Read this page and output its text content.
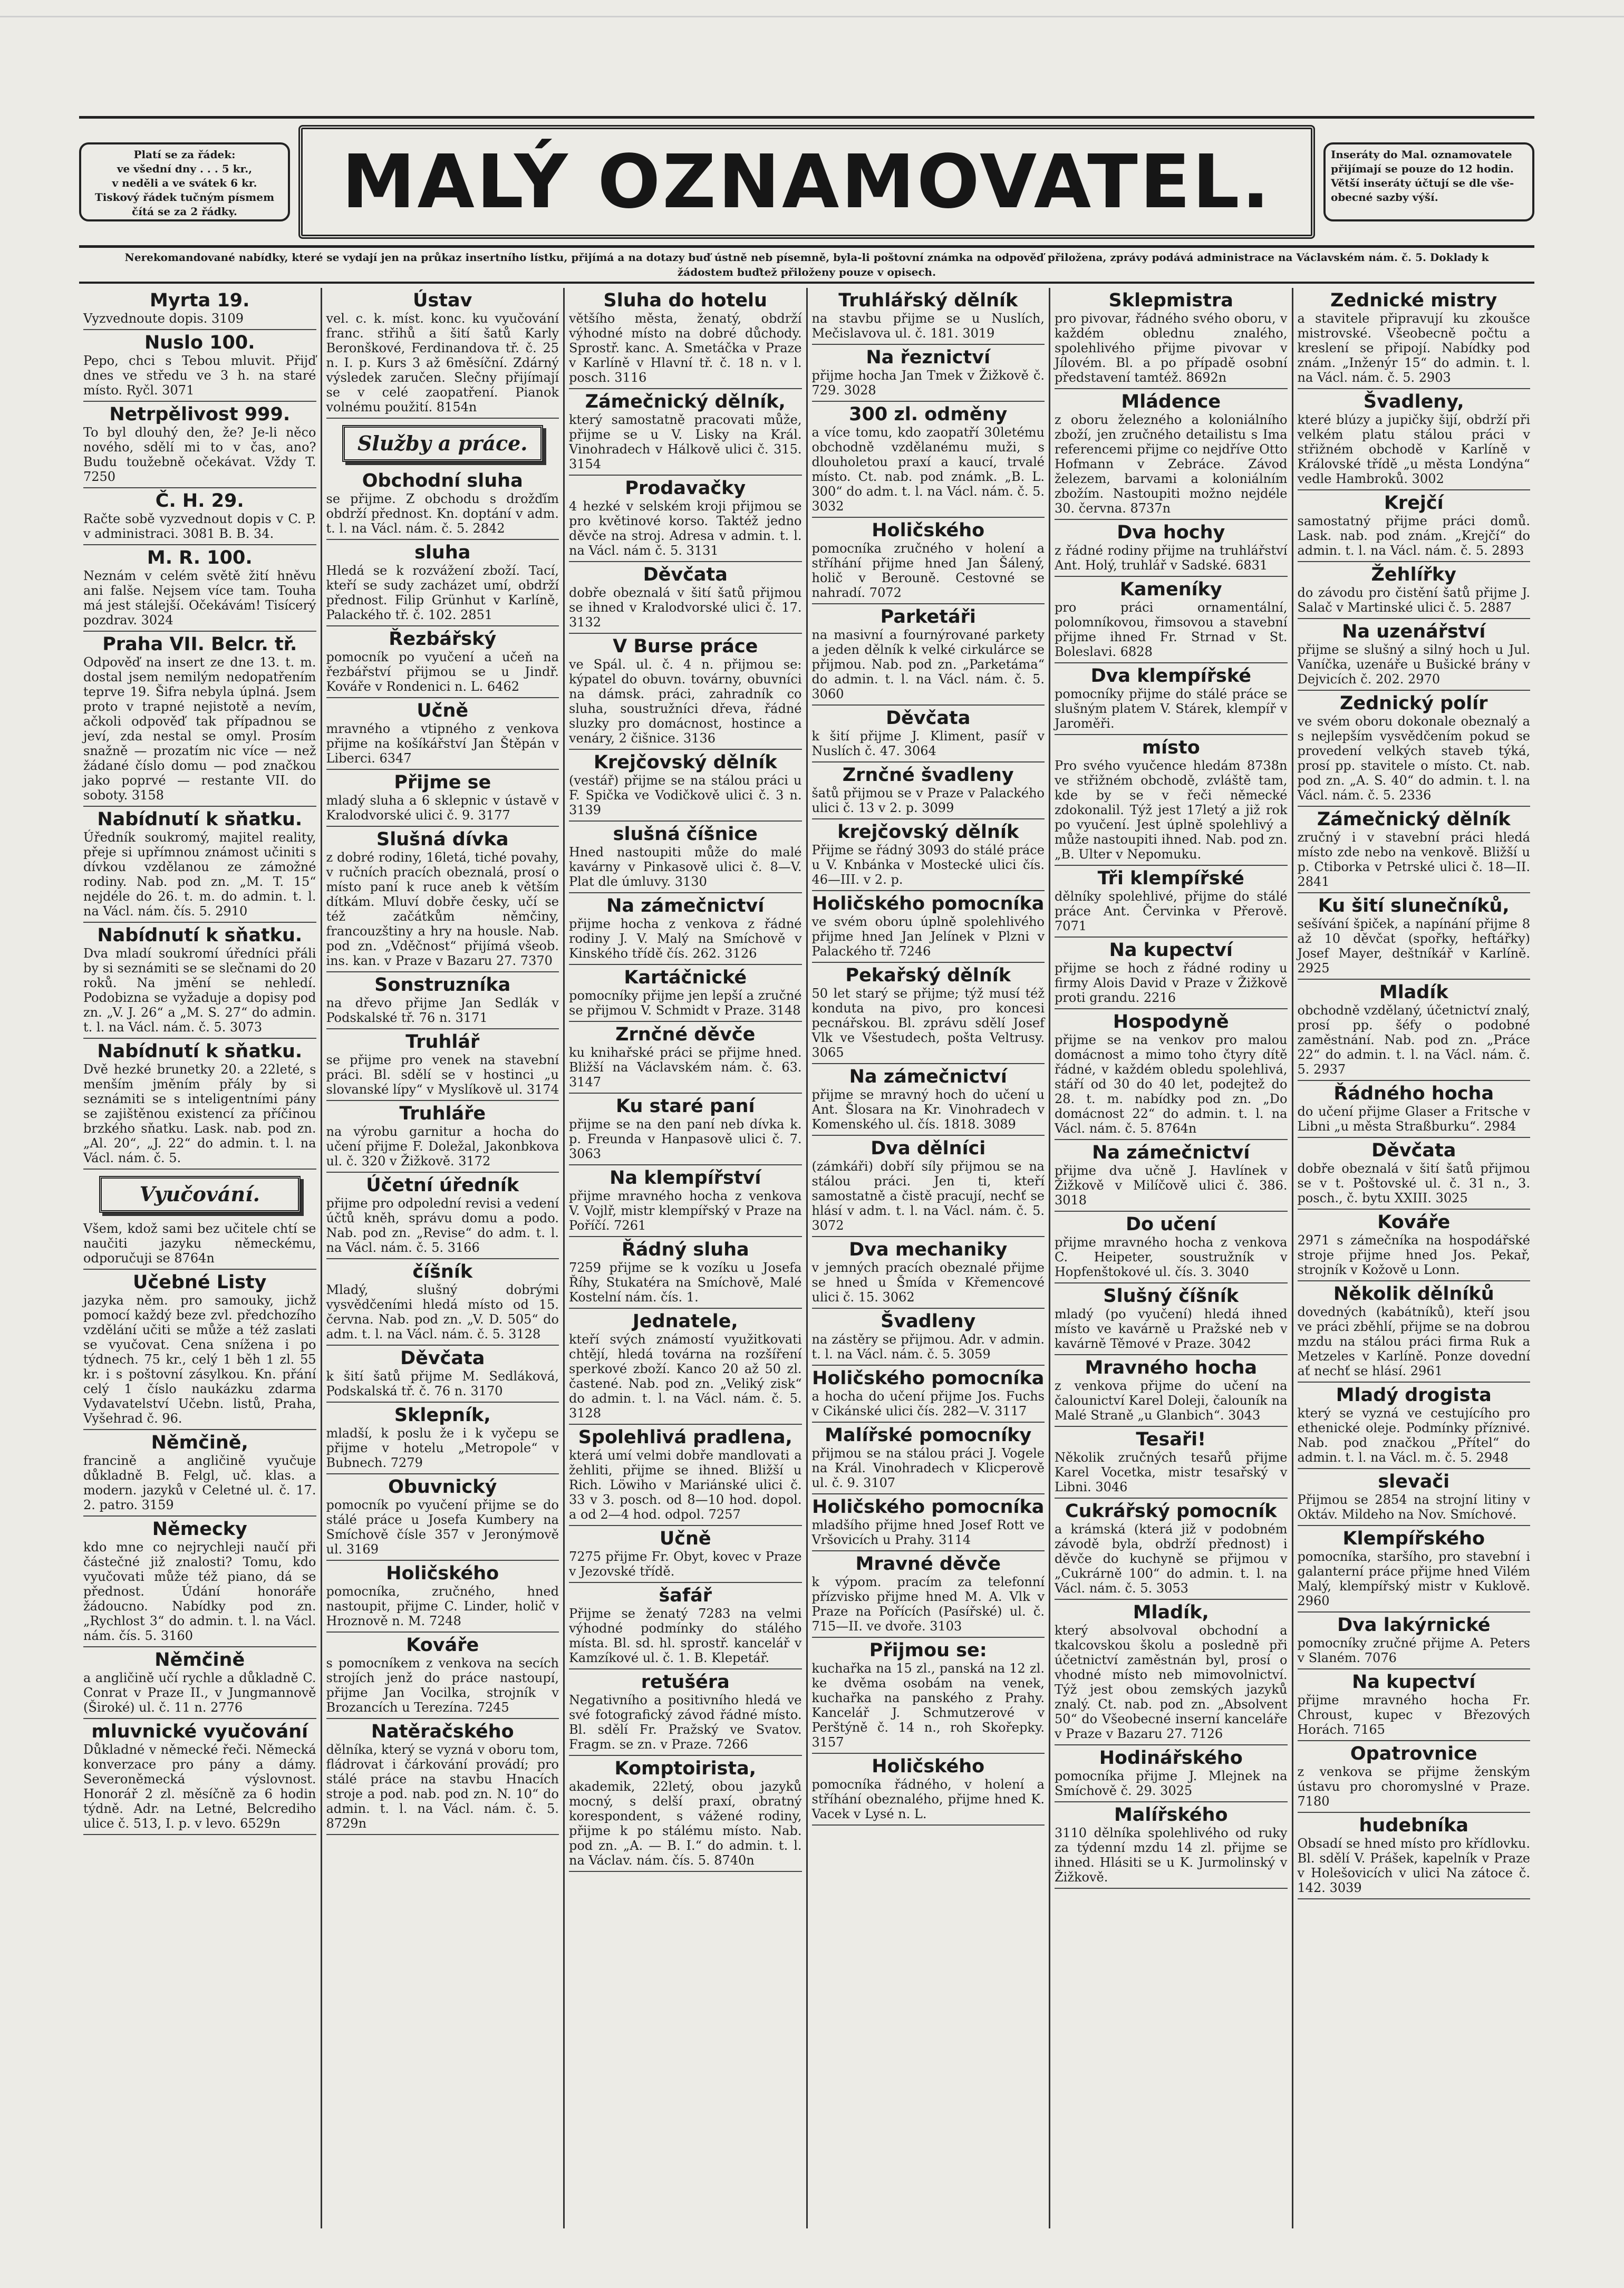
Platí se za řádek:
ve všední dny . . . 5 kr.,
v neděli a ve svátek 6 kr.
Tiskový řádek tučným písmem
čítá se za 2 řádky.	MALÝ OZNAMOVATEL.	Inseráty do Mal. oznamovatele
přijímají se pouze do 12 hodin.
Větší inseráty účtují se dle vše-
obecné sazby výší.
Nerekomandované nabídky, které se vydají jen na průkaz insertního lístku, přijímá a na dotazy buď ústně neb písemně, byla-li poštovní známka na odpověď přiložena, zprávy podává administrace na Václavském nám. č. 5. Doklady k žádostem buďtež přiloženy pouze v opisech.
Myrta 19.

Vyzvednoute dopis. 3109

Nuslo 100.

Pepo, chci s Tebou mluvit. Přijď dnes ve středu ve 3 h. na staré místo. Ryčl. 3071

Netrpělivost 999.

To byl dlouhý den, že? Je-li něco nového, sdělí mi to v čas, ano? Budu toužebně očekávat. Vždy T. 7250

Č. H. 29.

Račte sobě vyzvednout dopis v C. P. v administraci. 3081 B. B. 34.

M. R. 100.

Neznám v celém světě žití hněvu ani falše. Nejsem více tam. Touha má jest stálejší. Očekávám! Tisícerý pozdrav. 3024

Praha VII. Belcr. tř.

Odpověď na insert ze dne 13. t. m. dostal jsem nemilým nedopatřením teprve 19. Šifra nebyla úplná. Jsem proto v trapné nejistotě a nevím, ačkoli odpověď tak případnou se jeví, zda nestal se omyl. Prosím snažně — prozatím nic více — než žádané číslo domu — pod značkou jako poprvé — restante VII. do soboty. 3158

Nabídnutí k sňatku.

Úředník soukromý, majitel reality, přeje si upřímnou známost učiniti s dívkou vzdělanou ze zámožné rodiny. Nab. pod zn. „M. T. 15“ nejdéle do 26. t. m. do admin. t. l. na Václ. nám. čís. 5. 2910

Nabídnutí k sňatku.

Dva mladí soukromí úředníci přáli by si seznámiti se se slečnami do 20 roků. Na jmění se nehledí. Podobizna se vyžaduje a dopisy pod zn. „V. J. 26“ a „M. S. 27“ do admin. t. l. na Václ. nám. č. 5. 3073

Nabídnutí k sňatku.

Dvě hezké brunetky 20. a 22leté, s menším jměním přály by si seznámiti se s inteligentními pány se zajištěnou existencí za příčinou brzkého sňatku. Lask. nab. pod zn. „Al. 20“, „J. 22“ do admin. t. l. na Václ. nám. č. 5.

Vyučování.

Všem, kdož sami bez učitele chtí se naučiti jazyku německému, odporučuji se 8764n

Učebné Listy

jazyka něm. pro samouky, jichž pomocí každý beze zvl. předchozího vzdělání učiti se může a též zaslati se vyučovat. Cena snížena i po týdnech. 75 kr., celý 1 běh 1 zl. 55 kr. i s poštovní zásylkou. Kn. přání celý 1 číslo naukázku zdarma Vydavatelství Učebn. listů, Praha, Vyšehrad č. 96.

Němčině,

francině a angličině vyučuje důkladně B. Felgl, uč. klas. a modern. jazyků v Celetné ul. č. 17. 2. patro. 3159

Německy

kdo mne co nejrychleji naučí při částečné již znalosti? Tomu, kdo vyučovati může též piano, dá se přednost. Údání honoráře žádoucno. Nabídky pod zn. „Rychlost 3“ do admin. t. l. na Václ. nám. čís. 5. 3160

Němčině

a angličině učí rychle a důkladně C. Conrat v Praze II., v Jungmannově (Široké) ul. č. 11 n. 2776

mluvnické vyučování

Důkladné v německé řeči. Německá konverzace pro pány a dámy. Severoněmecká výslovnost. Honorář 2 zl. měsíčně za 6 hodin týdně. Adr. na Letné, Belcrediho ulice č. 513, I. p. v levo. 6529n

Ústav

vel. c. k. míst. konc. ku vyučování franc. střihů a šití šatů Karly Beronškové, Ferdinandova tř. č. 25 n. I. p. Kurs 3 až 6měsíční. Zdárný výsledek zaručen. Slečny přijímají se v celé zaopatření. Pianok volnému použití. 8154n

Služby a práce.
Obchodní sluha

se přijme. Z obchodu s drožďím obdrží přednost. Kn. doptání v adm. t. l. na Václ. nám. č. 5. 2842

sluha

Hledá se k rozvážení zboží. Tací, kteří se sudy zacházet umí, obdrží přednost. Filip Grünhut v Karlíně, Palackého tř. č. 102. 2851

Řezbářský

pomocník po vyučení a učeň na řezbářství přijmou se u Jindř. Kováře v Rondenici n. L. 6462

Učně

mravného a vtipného z venkova přijme na košíkářství Jan Štěpán v Liberci. 6347

Přijme se

mladý sluha a 6 sklepnic v ústavě v Kralodvorské ulici č. 9. 3177

Slušná dívka

z dobré rodiny, 16letá, tiché povahy, v ručních pracích obeznalá, prosí o místo paní k ruce aneb k větším dítkám. Mluví dobře česky, učí se též začátkům němčiny, francouzštiny a hry na housle. Nab. pod zn. „Vděčnost“ přijímá všeob. ins. kan. v Praze v Bazaru 27. 7370

Sonstruzníka

na dřevo přijme Jan Sedlák v Podskalské tř. 76 n. 3171

Truhlář

se přijme pro venek na stavební práci. Bl. sdělí se v hostinci „u slovanské lípy“ v Myslíkově ul. 3174

Truhláře

na výrobu garnitur a hocha do učení přijme F. Doležal, Jakonbkova ul. č. 320 v Žižkově. 3172

Účetní úředník

přijme pro odpolední revisi a vedení účtů kněh, správu domu a podo. Nab. pod zn. „Revise“ do adm. t. l. na Václ. nám. č. 5. 3166

číšník

Mladý, slušný dobrými vysvědčeními hledá místo od 15. června. Nab. pod zn. „V. D. 505“ do adm. t. l. na Václ. nám. č. 5. 3128

Děvčata

k šití šatů přijme M. Sedláková, Podskalská tř. č. 76 n. 3170

Sklepník,

mladší, k poslu že i k vyčepu se přijme v hotelu „Metropole“ v Bubnech. 7279

Obuvnický

pomocník po vyučení přijme se do stálé práce u Josefa Kumbery na Smíchově čísle 357 v Jeronýmově ul. 3169

Holičského

pomocníka, zručného, hned nastoupit, přijme C. Linder, holič v Hroznově n. M. 7248

Kováře

s pomocníkem z venkova na secích strojích jenž do práce nastoupí, přijme Jan Vocilka, strojník v Brozancích u Terezína. 7245

Natěračského

dělníka, který se vyzná v oboru tom, fládrovat i čárkování provádí; pro stálé práce na stavbu Hnacích stroje a pod. nab. pod zn. N. 10“ do admin. t. l. na Václ. nám. č. 5. 8729n

Sluha do hotelu

většího města, ženatý, obdrží výhodné místo na dobré důchody. Sprostř. kanc. A. Smetáčka v Praze v Karlíně v Hlavní tř. č. 18 n. v l. posch. 3116

Zámečnický dělník,

který samostatně pracovati může, přijme se u V. Lisky na Král. Vinohradech v Hálkově ulici č. 315. 3154

Prodavačky

4 hezké v selském kroji přijmou se pro květinové korso. Taktéž jedno děvče na stroj. Adresa v admin. t. l. na Václ. nám č. 5. 3131

Děvčata

dobře obeznalá v šití šatů přijmou se ihned v Kralodvorské ulici č. 17. 3132

V Burse práce

ve Spál. ul. č. 4 n. přijmou se: kýpatel do obuvn. továrny, obuvníci na dámsk. práci, zahradník co sluha, soustružníci dřeva, řádné sluzky pro domácnost, hostince a venáry, 2 čišnice. 3136

Krejčovský dělník

(vestář) přijme se na stálou práci u F. Spička ve Vodičkově ulici č. 3 n. 3139

slušná číšnice

Hned nastoupiti může do malé kavárny v Pinkasově ulici č. 8—V. Plat dle úmluvy. 3130

Na zámečnictví

přijme hocha z venkova z řádné rodiny J. V. Malý na Smíchově v Kinského třídě čís. 262. 3126

Kartáčnické

pomocníky přijme jen lepší a zručné se přijmou V. Schmidt v Praze. 3148

Zrnčné děvče

ku knihařské práci se přijme hned. Bližší na Václavském nám. č. 63. 3147

Ku staré paní

přijme se na den paní neb dívka k. p. Freunda v Hanpasově ulici č. 7. 3063

Na klempířství

přijme mravného hocha z venkova V. Vojlř, mistr klempířský v Praze na Poříčí. 7261

Řádný sluha

7259 přijme se k vozíku u Josefa Říhy, Stukatéra na Smíchově, Malé Kostelní nám. čís. 1.

Jednatele,

kteří svých známostí využitkovati chtějí, hledá továrna na rozšíření sperkové zboží. Kanco 20 až 50 zl. častené. Nab. pod zn. „Veliký zisk“ do admin. t. l. na Václ. nám. č. 5. 3128

Spolehlivá pradlena,

která umí velmi dobře mandlovati a žehliti, přijme se ihned. Bližší u Rich. Löwiho v Mariánské ulici č. 33 v 3. posch. od 8—10 hod. dopol. a od 2—4 hod. odpol. 7257

Učně

7275 přijme Fr. Obyt, kovec v Praze v Jezovské třídě.

šafář

Přijme se ženatý 7283 na velmi výhodné podmínky do stálého místa. Bl. sd. hl. sprostř. kancelář v Kamzíkové ul. č. 1. B. Klepetář.

retušéra

Negativního a positivního hledá ve své fotografický závod řádné místo. Bl. sdělí Fr. Pražský ve Svatov. Fragm. se zn. v Praze. 7266

Komptoirista,

akademik, 22letý, obou jazyků mocný, s delší praxí, obratný korespondent, s vážené rodiny, přijme k po stálému místo. Nab. pod zn. „A. — B. I.“ do admin. t. l. na Václav. nám. čís. 5. 8740n

Truhlářský dělník

na stavbu přijme se u Nuslích, Mečislavova ul. č. 181. 3019

Na řeznictví

přijme hocha Jan Tmek v Žižkově č. 729. 3028

300 zl. odměny

a více tomu, kdo zaopatří 30letému obchodně vzdělanému muži, s dlouholetou praxí a kaucí, trvalé místo. Ct. nab. pod známk. „B. L. 300“ do adm. t. l. na Václ. nám. č. 5. 3032

Holičského

pomocníka zručného v holení a stříhání přijme hned Jan Šálený, holič v Berouně. Cestovné se nahradí. 7072

Parketáři

na masivní a fournýrované parkety a jeden dělník k velké cirkulárce se přijmou. Nab. pod zn. „Parketáma“ do admin. t. l. na Václ. nám. č. 5. 3060

Děvčata

k šití přijme J. Kliment, pasíř v Nuslích č. 47. 3064

Zrnčné švadleny

šatů přijmou se v Praze v Palackého ulici č. 13 v 2. p. 3099

krejčovský dělník

Přijme se řádný 3093 do stálé práce u V. Knbánka v Mostecké ulici čís. 46—III. v 2. p.

Holičského pomocníka

ve svém oboru úplně spolehlivého přijme hned Jan Jelínek v Plzni v Palackého tř. 7246

Pekařský dělník

50 let starý se přijme; týž musí též konduta na pivo, pro koncesi pecnářskou. Bl. zprávu sdělí Josef Vlk ve Všestudech, pošta Veltrusy. 3065

Na zámečnictví

přijme se mravný hoch do učení u Ant. Šlosara na Kr. Vinohradech v Komenského ul. čís. 1818. 3089

Dva dělníci

(zámkáři) dobří síly přijmou se na stálou práci. Jen ti, kteří samostatně a čistě pracují, nechť se hlásí v adm. t. l. na Václ. nám. č. 5. 3072

Dva mechaniky

v jemných pracích obeznalé přijme se hned u Šmída v Křemencové ulici č. 15. 3062

Švadleny

na zástěry se přijmou. Adr. v admin. t. l. na Václ. nám. č. 5. 3059

Holičského pomocníka

a hocha do učení přijme Jos. Fuchs v Cikánské ulici čís. 282—V. 3117

Malířské pomocníky

přijmou se na stálou práci J. Vogele na Král. Vinohradech v Klicperově ul. č. 9. 3107

Holičského pomocníka

mladšího přijme hned Josef Rott ve Vršovicích u Prahy. 3114

Mravné děvče

k výpom. pracím za telefonní přízvisko přijme hned M. A. Vlk v Praze na Pořících (Pasířské) ul. č. 715—II. ve dvoře. 3103

Přijmou se:

kuchařka na 15 zl., panská na 12 zl. ke dvěma osobám na venek, kuchařka na panského z Prahy. Kancelář J. Schmutzerové v Perštýně č. 14 n., roh Skořepky. 3157

Holičského

pomocníka řádného, v holení a stříhání obeznalého, přijme hned K. Vacek v Lysé n. L.

Sklepmistra

pro pivovar, řádného svého oboru, v každém oblednu znalého, spolehlivého přijme pivovar v Jílovém. Bl. a po případě osobní představení tamtéž. 8692n

Mládence

z oboru železného a koloniálního zboží, jen zručného detailistu s Ima referencemi přijme co nejdříve Otto Hofmann v Zebráce. Závod železem, barvami a koloniálním zbožím. Nastoupiti možno nejdéle 30. června. 8737n

Dva hochy

z řádné rodiny přijme na truhlářství Ant. Holý, truhlář v Sadské. 6831

Kameníky

pro práci ornamentální, polomníkovou, řimsovou a stavební přijme ihned Fr. Strnad v St. Boleslavi. 6828

Dva klempířské

pomocníky přijme do stálé práce se slušným platem V. Stárek, klempíř v Jaroměři.

místo

Pro svého vyučence hledám 8738n ve střižném obchodě, zvláště tam, kde by se v řeči německé zdokonalil. Týž jest 17letý a již rok po vyučení. Jest úplně spolehlivý a může nastoupiti ihned. Nab. pod zn. „B. Ulter v Nepomuku.

Tři klempířské

dělníky spolehlivé, přijme do stálé práce Ant. Červinka v Přerově. 7071

Na kupectví

přijme se hoch z řádné rodiny u firmy Alois David v Praze v Žižkově proti grandu. 2216

Hospodyně

přijme se na venkov pro malou domácnost a mimo toho čtyry dítě řádné, v každém obledu spolehlivá, stáří od 30 do 40 let, podejtež do 28. t. m. nabídky pod zn. „Do domácnost 22“ do admin. t. l. na Václ. nám. č. 5. 8764n

Na zámečnictví

přijme dva učně J. Havlínek v Žižkově v Milíčově ulici č. 386. 3018

Do učení

přijme mravného hocha z venkova C. Heipeter, soustružník v Hopfenštokové ul. čís. 3. 3040

Slušný číšník

mladý (po vyučení) hledá ihned místo ve kavárně u Pražské neb v kavárně Těmové v Praze. 3042

Mravného hocha

z venkova přijme do učení na čalounictví Karel Doleji, čalouník na Malé Straně „u Glanbich“. 3043

Tesaři!

Několik zručných tesařů přijme Karel Vocetka, mistr tesařský v Libni. 3046

Cukrářský pomocník

a krámská (která již v podobném závodě byla, obdrží přednost) i děvče do kuchyně se přijmou v „Cukrárně 100“ do admin. t. l. na Václ. nám. č. 5. 3053

Mladík,

který absolvoval obchodní a tkalcovskou školu a posledně při účetnictví zaměstnán byl, prosí o vhodné místo neb mimovolnictví. Týž jest obou zemských jazyků znalý. Ct. nab. pod zn. „Absolvent 50“ do Všeobecné inserní kanceláře v Praze v Bazaru 27. 7126

Hodinářského

pomocníka přijme J. Mlejnek na Smíchově č. 29. 3025

Malířského

3110 dělníka spolehlivého od ruky za týdenní mzdu 14 zl. přijme se ihned. Hlásiti se u K. Jurmolinský v Žižkově.

Zednické mistry

a stavitele připravují ku zkoušce mistrovské. Všeobecně počtu a kreslení se připojí. Nabídky pod znám. „Inženýr 15“ do admin. t. l. na Václ. nám. č. 5. 2903

Švadleny,

které blúzy a jupičky šijí, obdrží při velkém platu stálou práci v střižném obchodě v Karlíně v Královské třídě „u města Londýna“ vedle Hambroků. 3002

Krejčí

samostatný přijme práci domů. Lask. nab. pod znám. „Krejčí“ do admin. t. l. na Václ. nám. č. 5. 2893

Žehlířky

do závodu pro čistění šatů přijme J. Salač v Martinské ulici č. 5. 2887

Na uzenářství

přijme se slušný a silný hoch u Jul. Vaníčka, uzenáře u Bušické brány v Dejvicích č. 202. 2970

Zednický polír

ve svém oboru dokonale obeznalý a s nejlepším vysvědčením pokud se provedení velkých staveb týká, prosí pp. stavitele o místo. Ct. nab. pod zn. „A. S. 40“ do admin. t. l. na Václ. nám. č. 5. 2336

Zámečnický dělník

zručný i v stavební práci hledá místo zde nebo na venkově. Bližší u p. Ctiborka v Petrské ulici č. 18—II. 2841

Ku šití slunečníků,

sešívání špiček, a napínání přijme 8 až 10 děvčat (spořky, heftářky) Josef Mayer, deštníkář v Karlíně. 2925

Mladík

obchodně vzdělaný, účetnictví znalý, prosí pp. šéfy o podobné zaměstnání. Nab. pod zn. „Práce 22“ do admin. t. l. na Václ. nám. č. 5. 2937

Řádného hocha

do učení přijme Glaser a Fritsche v Libni „u města Straßburku“. 2984

Děvčata

dobře obeznalá v šití šatů přijmou se v t. Poštovské ul. č. 31 n., 3. posch., č. bytu XXIII. 3025

Kováře

2971 s zámečníka na hospodářské stroje přijme hned Jos. Pekař, strojník v Kožově u Lonn.

Několik dělníků

dovedných (kabátníků), kteří jsou ve práci zběhlí, přijme se na dobrou mzdu na stálou práci firma Ruk a Metzeles v Karlíně. Ponze dovední ať nechť se hlásí. 2961

Mladý drogista

který se vyzná ve cestujícího pro ethenické oleje. Podmínky příznivé. Nab. pod značkou „Přítel“ do admin. t. l. na Václ. m. č. 5. 2948

slevači

Přijmou se 2854 na strojní litiny v Oktáv. Mildeho na Nov. Smíchové.

Klempířského

pomocníka, staršího, pro stavební i galanterní práce přijme hned Vilém Malý, klempířský mistr v Kuklově. 2960

Dva lakýrnické

pomocníky zručné přijme A. Peters v Slaném. 7076

Na kupectví

přijme mravného hocha Fr. Chroust, kupec v Březových Horách. 7165

Opatrovnice

z venkova se přijme ženským ústavu pro choromyslné v Praze. 7180

hudebníka

Obsadí se hned místo pro křídlovku. Bl. sdělí V. Prášek, kapelník v Praze v Holešovicích v ulici Na zátoce č. 142. 3039
